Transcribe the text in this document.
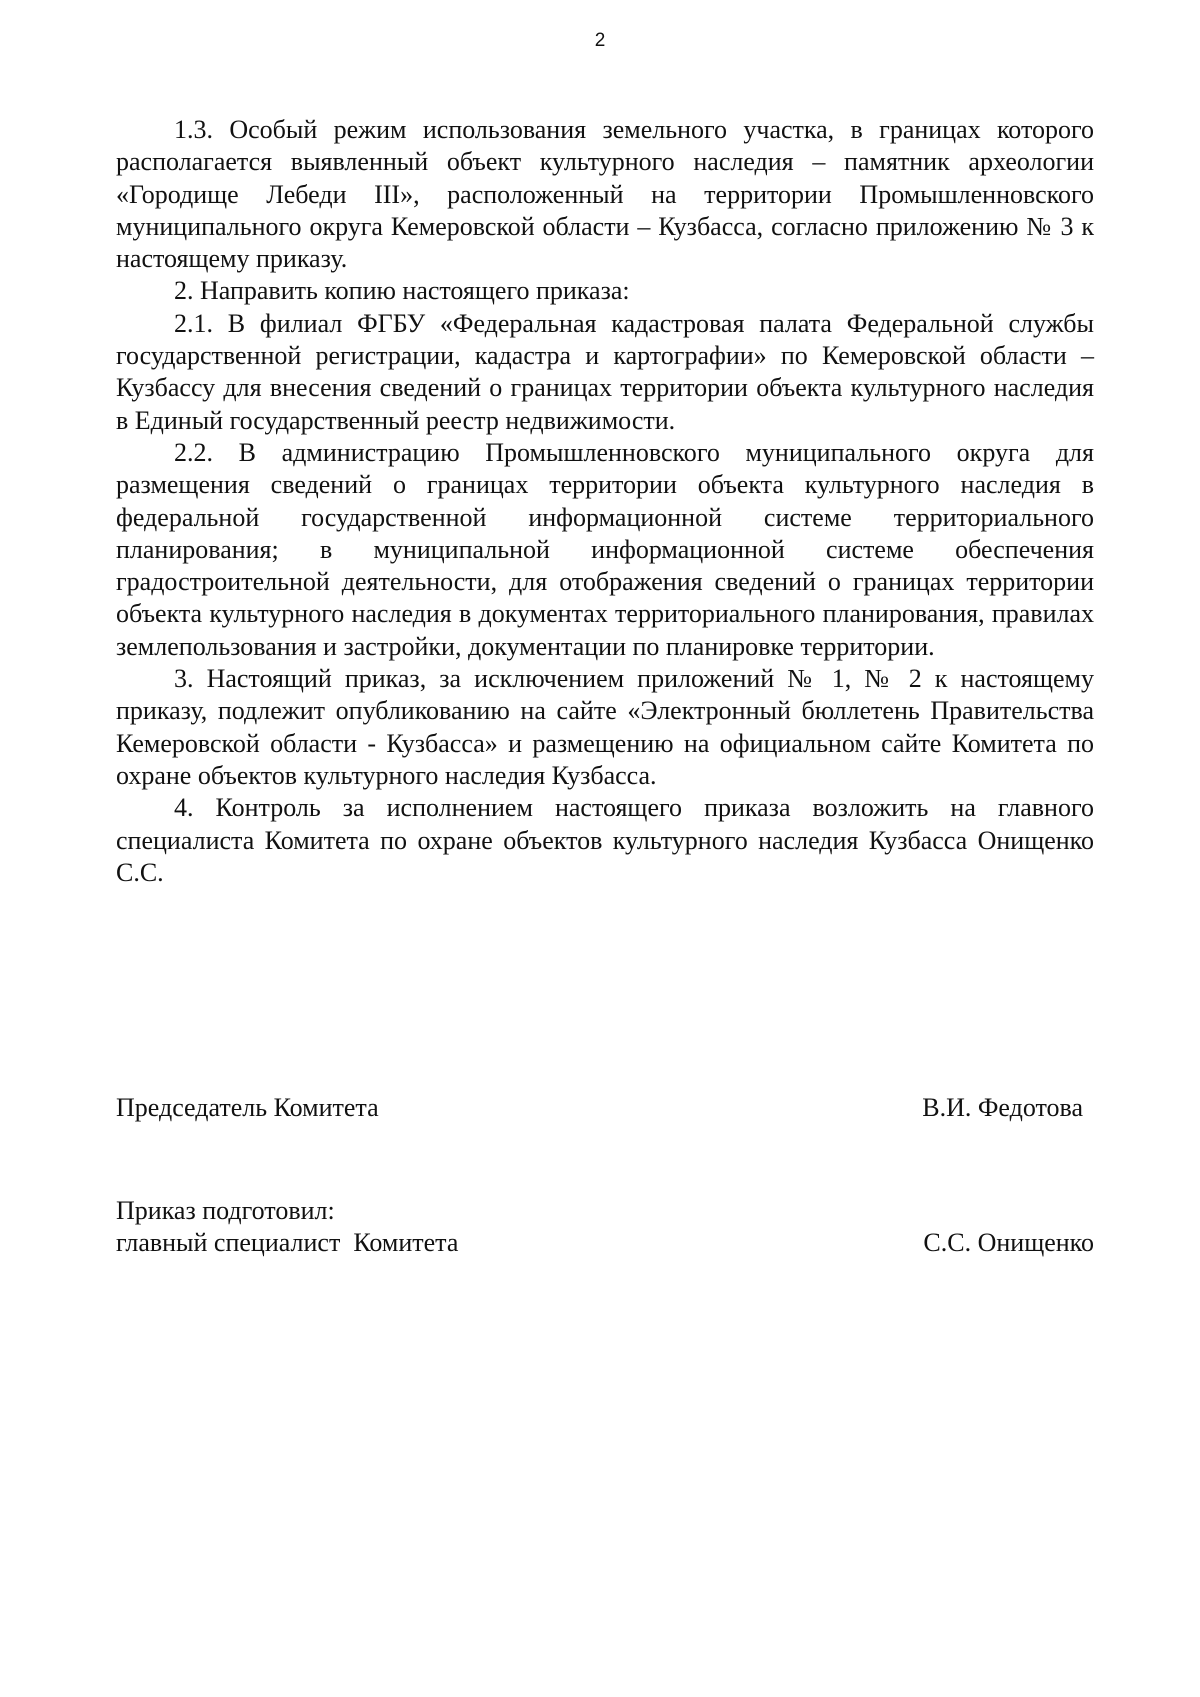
2

1.3. Особый режим использования земельного участка, в границах которого располагается выявленный объект культурного наследия – памятник археологии «Городище Лебеди III», расположенный на территории Промышленновского муниципального округа Кемеровской области – Кузбасса, согласно приложению № 3 к настоящему приказу.

2. Направить копию настоящего приказа:

2.1. В филиал ФГБУ «Федеральная кадастровая палата Федеральной службы государственной регистрации, кадастра и картографии» по Кемеровской области – Кузбассу для внесения сведений о границах территории объекта культурного наследия в Единый государственный реестр недвижимости.

2.2. В администрацию Промышленновского муниципального округа для размещения сведений о границах территории объекта культурного наследия в федеральной государственной информационной системе территориального планирования; в муниципальной информационной системе обеспечения градостроительной деятельности, для отображения сведений о границах территории объекта культурного наследия в документах территориального планирования, правилах землепользования и застройки, документации по планировке территории.

3. Настоящий приказ, за исключением приложений № 1, № 2 к настоящему приказу, подлежит опубликованию на сайте «Электронный бюллетень Правительства Кемеровской области - Кузбасса» и размещению на официальном сайте Комитета по охране объектов культурного наследия Кузбасса.

4. Контроль за исполнением настоящего приказа возложить на главного специалиста Комитета по охране объектов культурного наследия Кузбасса Онищенко С.С.

Председатель Комитета	В.И. Федотова
Приказ подготовил:
главный специалист  Комитета	С.С. Онищенко
